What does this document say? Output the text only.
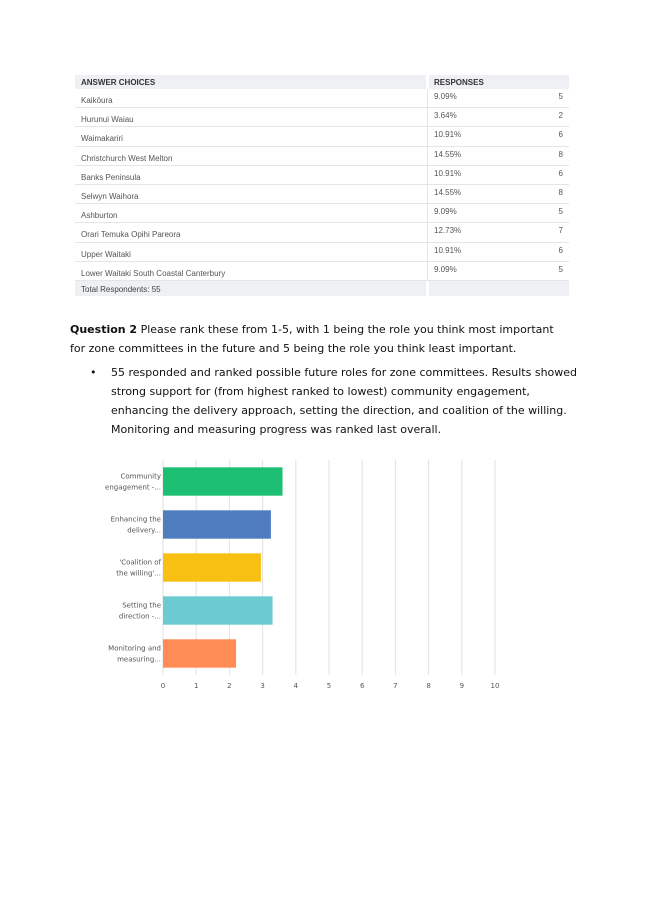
ANSWER CHOICES	RESPONSES
Kaikōura	9.09%	5
Hurunui Waiau	3.64%	2
Waimakariri	10.91%	6
Christchurch West Melton	14.55%	8
Banks Peninsula	10.91%	6
Selwyn Waihora	14.55%	8
Ashburton	9.09%	5
Orari Temuka Opihi Pareora	12.73%	7
Upper Waitaki	10.91%	6
Lower Waitaki South Coastal Canterbury	9.09%	5
Total Respondents: 55
Question 2 Please rank these from 1-5, with 1 being the role you think most important for zone committees in the future and 5 being the role you think least important.
•	55 responded and ranked possible future roles for zone committees. Results showed strong support for (from highest ranked to lowest) community engagement, enhancing the delivery approach, setting the direction, and coalition of the willing. Monitoring and measuring progress was ranked last overall.
0	1	2	3	4	5	6	7	8	9	10
Community
engagement -...
Enhancing the
delivery...
'Coalition of
the willing'...
Setting the
direction -...
Monitoring and
measuring...
